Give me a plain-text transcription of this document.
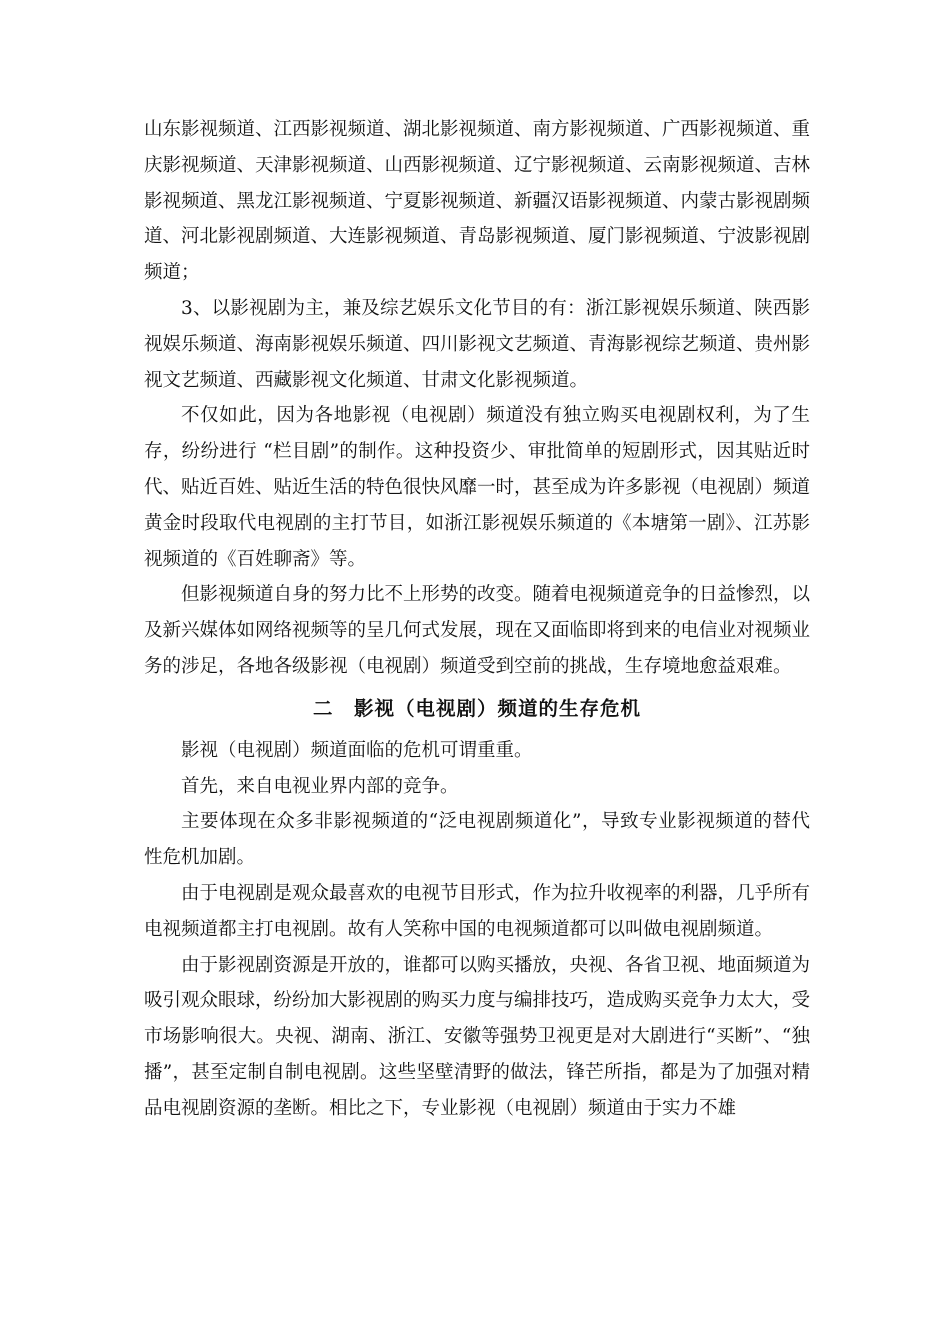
山东影视频道、江西影视频道、湖北影视频道、南方影视频道、广西影视频道、重庆影视频道、天津影视频道、山西影视频道、辽宁影视频道、云南影视频道、吉林影视频道、黑龙江影视频道、宁夏影视频道、新疆汉语影视频道、内蒙古影视剧频道、河北影视剧频道、大连影视频道、青岛影视频道、厦门影视频道、宁波影视剧频道；

3、以影视剧为主，兼及综艺娱乐文化节目的有：浙江影视娱乐频道、陕西影视娱乐频道、海南影视娱乐频道、四川影视文艺频道、青海影视综艺频道、贵州影视文艺频道、西藏影视文化频道、甘肃文化影视频道。

不仅如此，因为各地影视（电视剧）频道没有独立购买电视剧权利，为了生存，纷纷进行 “栏目剧”的制作。这种投资少、审批简单的短剧形式，因其贴近时代、贴近百姓、贴近生活的特色很快风靡一时，甚至成为许多影视（电视剧）频道黄金时段取代电视剧的主打节目，如浙江影视娱乐频道的《本塘第一剧》、江苏影视频道的《百姓聊斋》等。

但影视频道自身的努力比不上形势的改变。随着电视频道竞争的日益惨烈，以及新兴媒体如网络视频等的呈几何式发展，现在又面临即将到来的电信业对视频业务的涉足，各地各级影视（电视剧）频道受到空前的挑战，生存境地愈益艰难。

二　影视（电视剧）频道的生存危机

影视（电视剧）频道面临的危机可谓重重。

首先，来自电视业界内部的竞争。

主要体现在众多非影视频道的“泛电视剧频道化”，导致专业影视频道的替代性危机加剧。

由于电视剧是观众最喜欢的电视节目形式，作为拉升收视率的利器，几乎所有电视频道都主打电视剧。故有人笑称中国的电视频道都可以叫做电视剧频道。

由于影视剧资源是开放的，谁都可以购买播放，央视、各省卫视、地面频道为吸引观众眼球，纷纷加大影视剧的购买力度与编排技巧，造成购买竞争力太大，受市场影响很大。央视、湖南、浙江、安徽等强势卫视更是对大剧进行“买断”、“独播”，甚至定制自制电视剧。这些坚壁清野的做法，锋芒所指，都是为了加强对精品电视剧资源的垄断。相比之下，专业影视（电视剧）频道由于实力不雄
